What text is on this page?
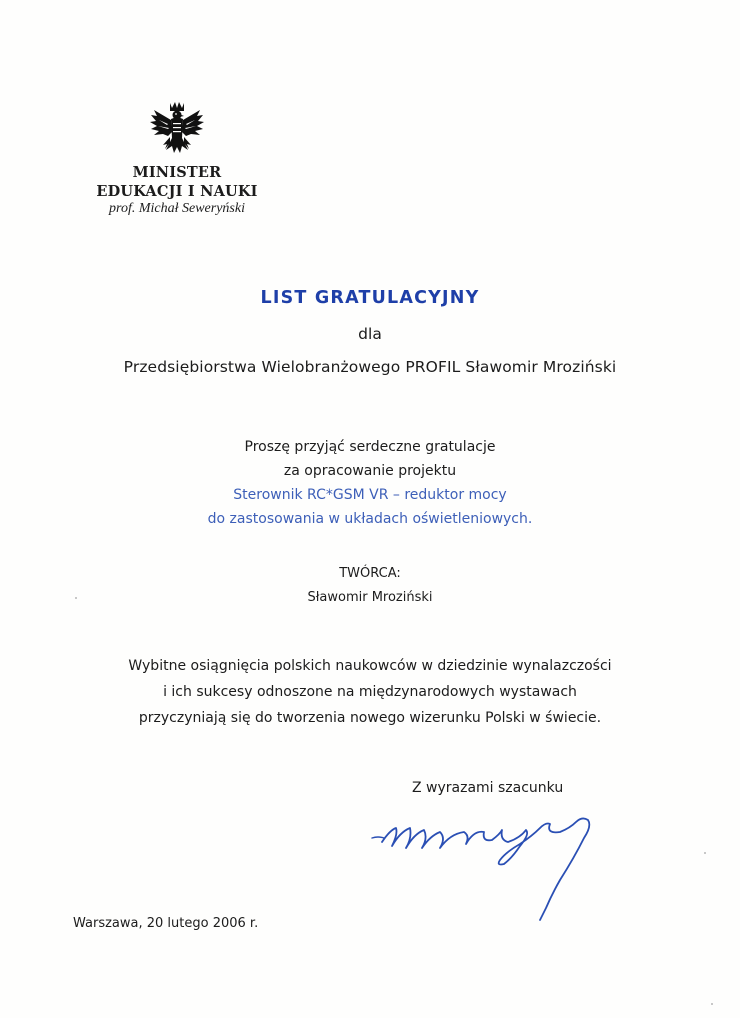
MINISTER
EDUKACJI I NAUKI
prof. Michał Seweryński
LIST GRATULACYJNY
dla
Przedsiębiorstwa Wielobranżowego PROFIL Sławomir Mroziński
Proszę przyjąć serdeczne gratulacje
za opracowanie projektu
Sterownik RC*GSM VR – reduktor mocy
do zastosowania w układach oświetleniowych.
TWÓRCA:
Sławomir Mroziński
Wybitne osiągnięcia polskich naukowców w dziedzinie wynalazczości
i ich sukcesy odnoszone na międzynarodowych wystawach
przyczyniają się do tworzenia nowego wizerunku Polski w świecie.
Z wyrazami szacunku
Warszawa, 20 lutego 2006 r.
